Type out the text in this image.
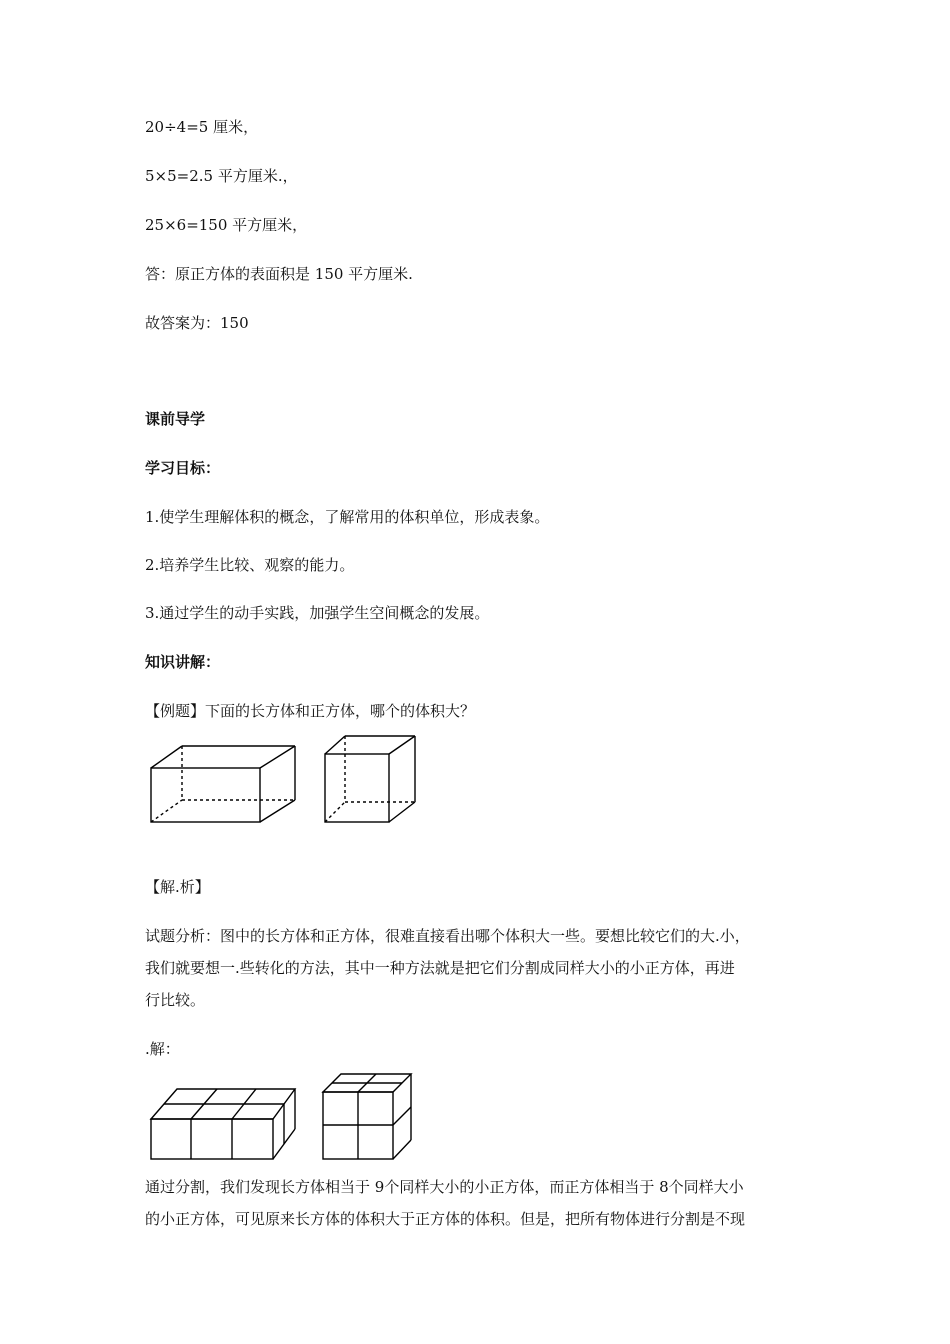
20÷4=5 厘米，
5×5=2.5 平方厘米.，
25×6=150 平方厘米，
答：原正方体的表面积是 150 平方厘米.
故答案为：150
课前导学
学习目标：
1.使学生理解体积的概念，了解常用的体积单位，形成表象。
2.培养学生比较、观察的能力。
3.通过学生的动手实践，加强学生空间概念的发展。
知识讲解：
【例题】下面的长方体和正方体，哪个的体积大？
【解.析】
试题分析：图中的长方体和正方体，很难直接看出哪个体积大一些。要想比较它们的大.小，
我们就要想一.些转化的方法，其中一种方法就是把它们分割成同样大小的小正方体，再进
行比较。
.解：
通过分割，我们发现长方体相当于 9个同样大小的小正方体，而正方体相当于 8个同样大小
的小正方体，可见原来长方体的体积大于正方体的体积。但是，把所有物体进行分割是不现
